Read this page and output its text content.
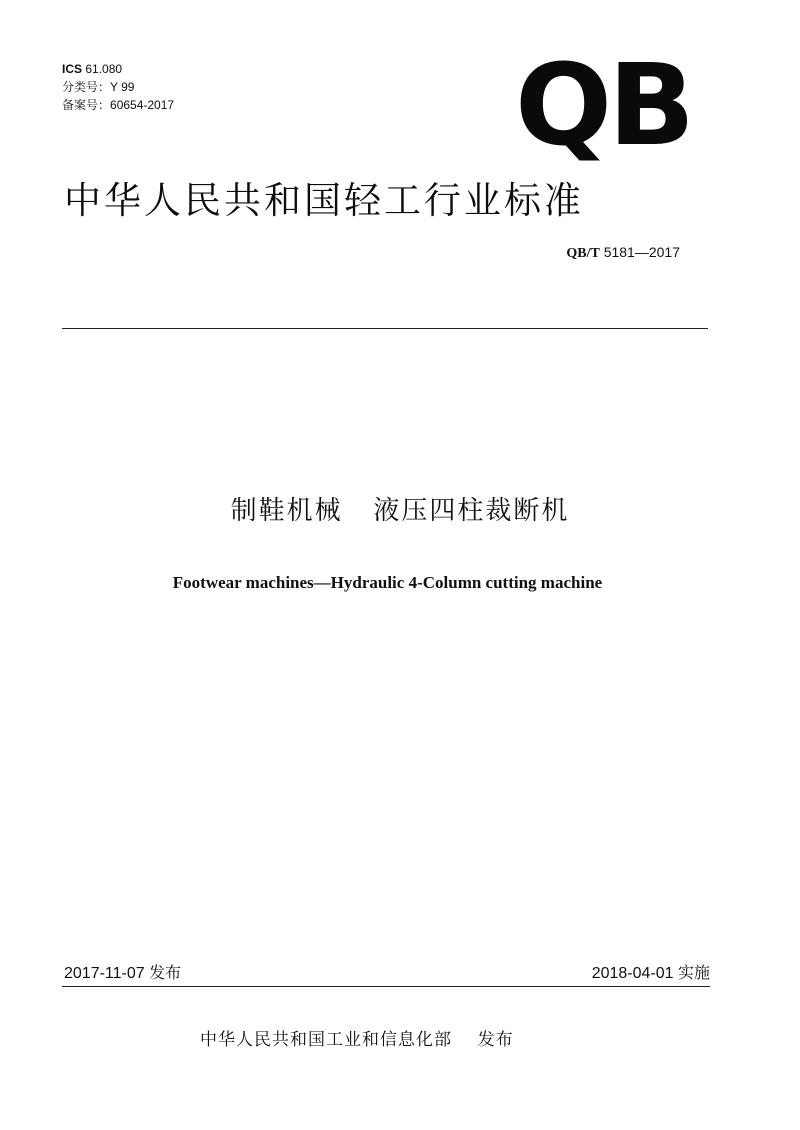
ICS 61.080
分类号：Y 99
备案号：60654-2017	QB
中华人民共和国轻工行业标准
QB/T 5181—2017
制鞋机械   液压四柱裁断机
Footwear machines—Hydraulic 4-Column cutting machine
2017-11-07 发布	2018-04-01 实施
中华人民共和国工业和信息化部    发布
